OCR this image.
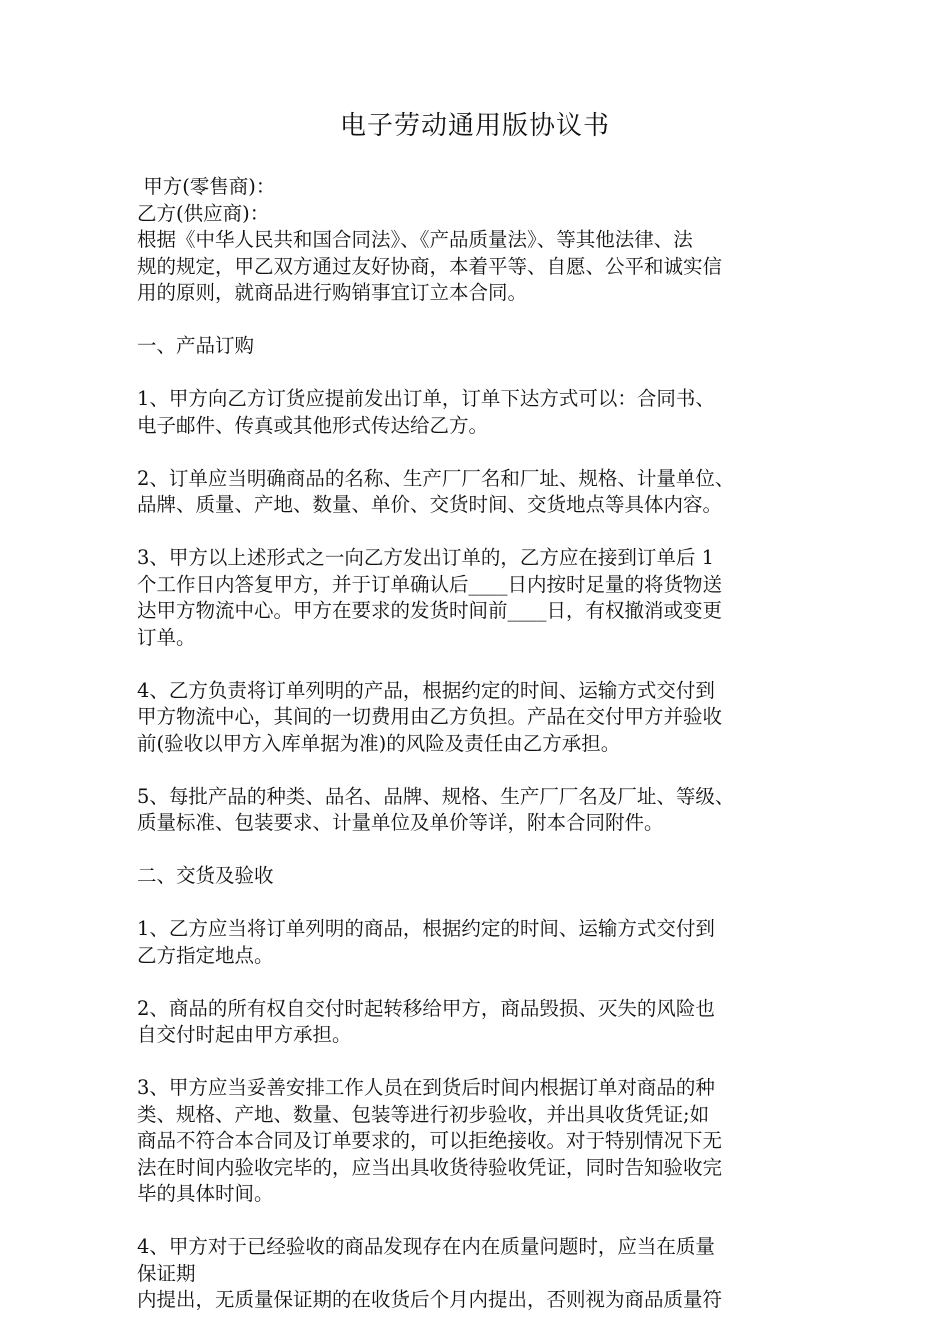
电子劳动通用版协议书
甲方(零售商)：
乙方(供应商)：
根据《中华人民共和国合同法》、《产品质量法》、等其他法律、法
规的规定，甲乙双方通过友好协商，本着平等、自愿、公平和诚实信
用的原则，就商品进行购销事宜订立本合同。
一、产品订购
1、甲方向乙方订货应提前发出订单，订单下达方式可以：合同书、
电子邮件、传真或其他形式传达给乙方。
2、订单应当明确商品的名称、生产厂厂名和厂址、规格、计量单位、
品牌、质量、产地、数量、单价、交货时间、交货地点等具体内容。
3、甲方以上述形式之一向乙方发出订单的，乙方应在接到订单后 1
个工作日内答复甲方，并于订单确认后____日内按时足量的将货物送
达甲方物流中心。甲方在要求的发货时间前____日，有权撤消或变更
订单。
4、乙方负责将订单列明的产品，根据约定的时间、运输方式交付到
甲方物流中心，其间的一切费用由乙方负担。产品在交付甲方并验收
前(验收以甲方入库单据为准)的风险及责任由乙方承担。
5、每批产品的种类、品名、品牌、规格、生产厂厂名及厂址、等级、
质量标准、包装要求、计量单位及单价等详，附本合同附件。
二、交货及验收
1、乙方应当将订单列明的商品，根据约定的时间、运输方式交付到
乙方指定地点。
2、商品的所有权自交付时起转移给甲方，商品毁损、灭失的风险也
自交付时起由甲方承担。
3、甲方应当妥善安排工作人员在到货后时间内根据订单对商品的种
类、规格、产地、数量、包装等进行初步验收，并出具收货凭证;如
商品不符合本合同及订单要求的，可以拒绝接收。对于特别情况下无
法在时间内验收完毕的，应当出具收货待验收凭证，同时告知验收完
毕的具体时间。
4、甲方对于已经验收的商品发现存在内在质量问题时，应当在质量
保证期
内提出，无质量保证期的在收货后个月内提出，否则视为商品质量符
